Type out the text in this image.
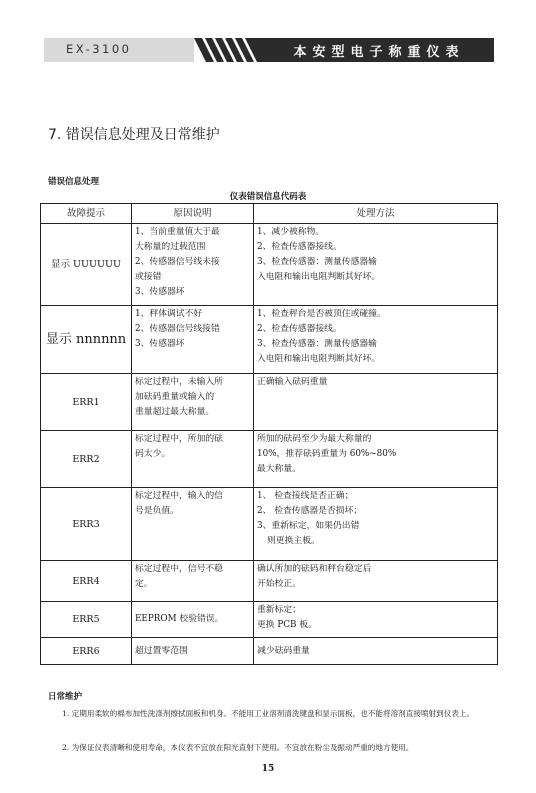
EX-3100	本安型电子称重仪表
7. 错误信息处理及日常维护
错误信息处理
仪表错误信息代码表
故障提示	原因说明	处理方法
显示 UUUUUU	1、当前重量值大于最
大称量的过载范围
2、传感器信号线未接
或接错
3、传感器坏	1、减少被称物。
2、检查传感器接线。
3、检查传感器：测量传感器输
入电阻和输出电阻判断其好坏。

显示 nnnnnn	1、秤体调试不好
2、传感器信号线接错
3、传感器坏	1、检查秤台是否被顶住或碰撞。
2、检查传感器接线。
3、检查传感器：测量传感器输
入电阻和输出电阻判断其好坏。

ERR1	标定过程中，未输入所
加砝码重量或输入的
重量超过最大称量。	正确输入砝码重量

ERR2	标定过程中，所加的砝
码太少。	所加的砝码至少为最大称量的
10%，推荐砝码重量为 60%~80%
最大称量。

ERR3	标定过程中，输入的信
号是负值。	1、 检查接线是否正确；
2、 检查传感器是否损坏；
3、重新标定，如果仍出错
则更换主板。

ERR4	标定过程中，信号不稳
定。	确认所加的砝码和秤台稳定后
开始校正。

ERR5	EEPROM 校验错误。	重新标定；
更换 PCB 板。

ERR6	超过置零范围	减少砝码重量
日常维护

1. 定期用柔软的棉布加性洗涤剂擦拭面板和机身。不能用工业溶剂清洗键盘和显示面板，也不能将溶剂直接喷射到仪表上。

2. 为保证仪表清晰和使用寿命，本仪表不宜放在阳光直射下使用。不宜放在粉尘及振动严重的地方使用。

15
